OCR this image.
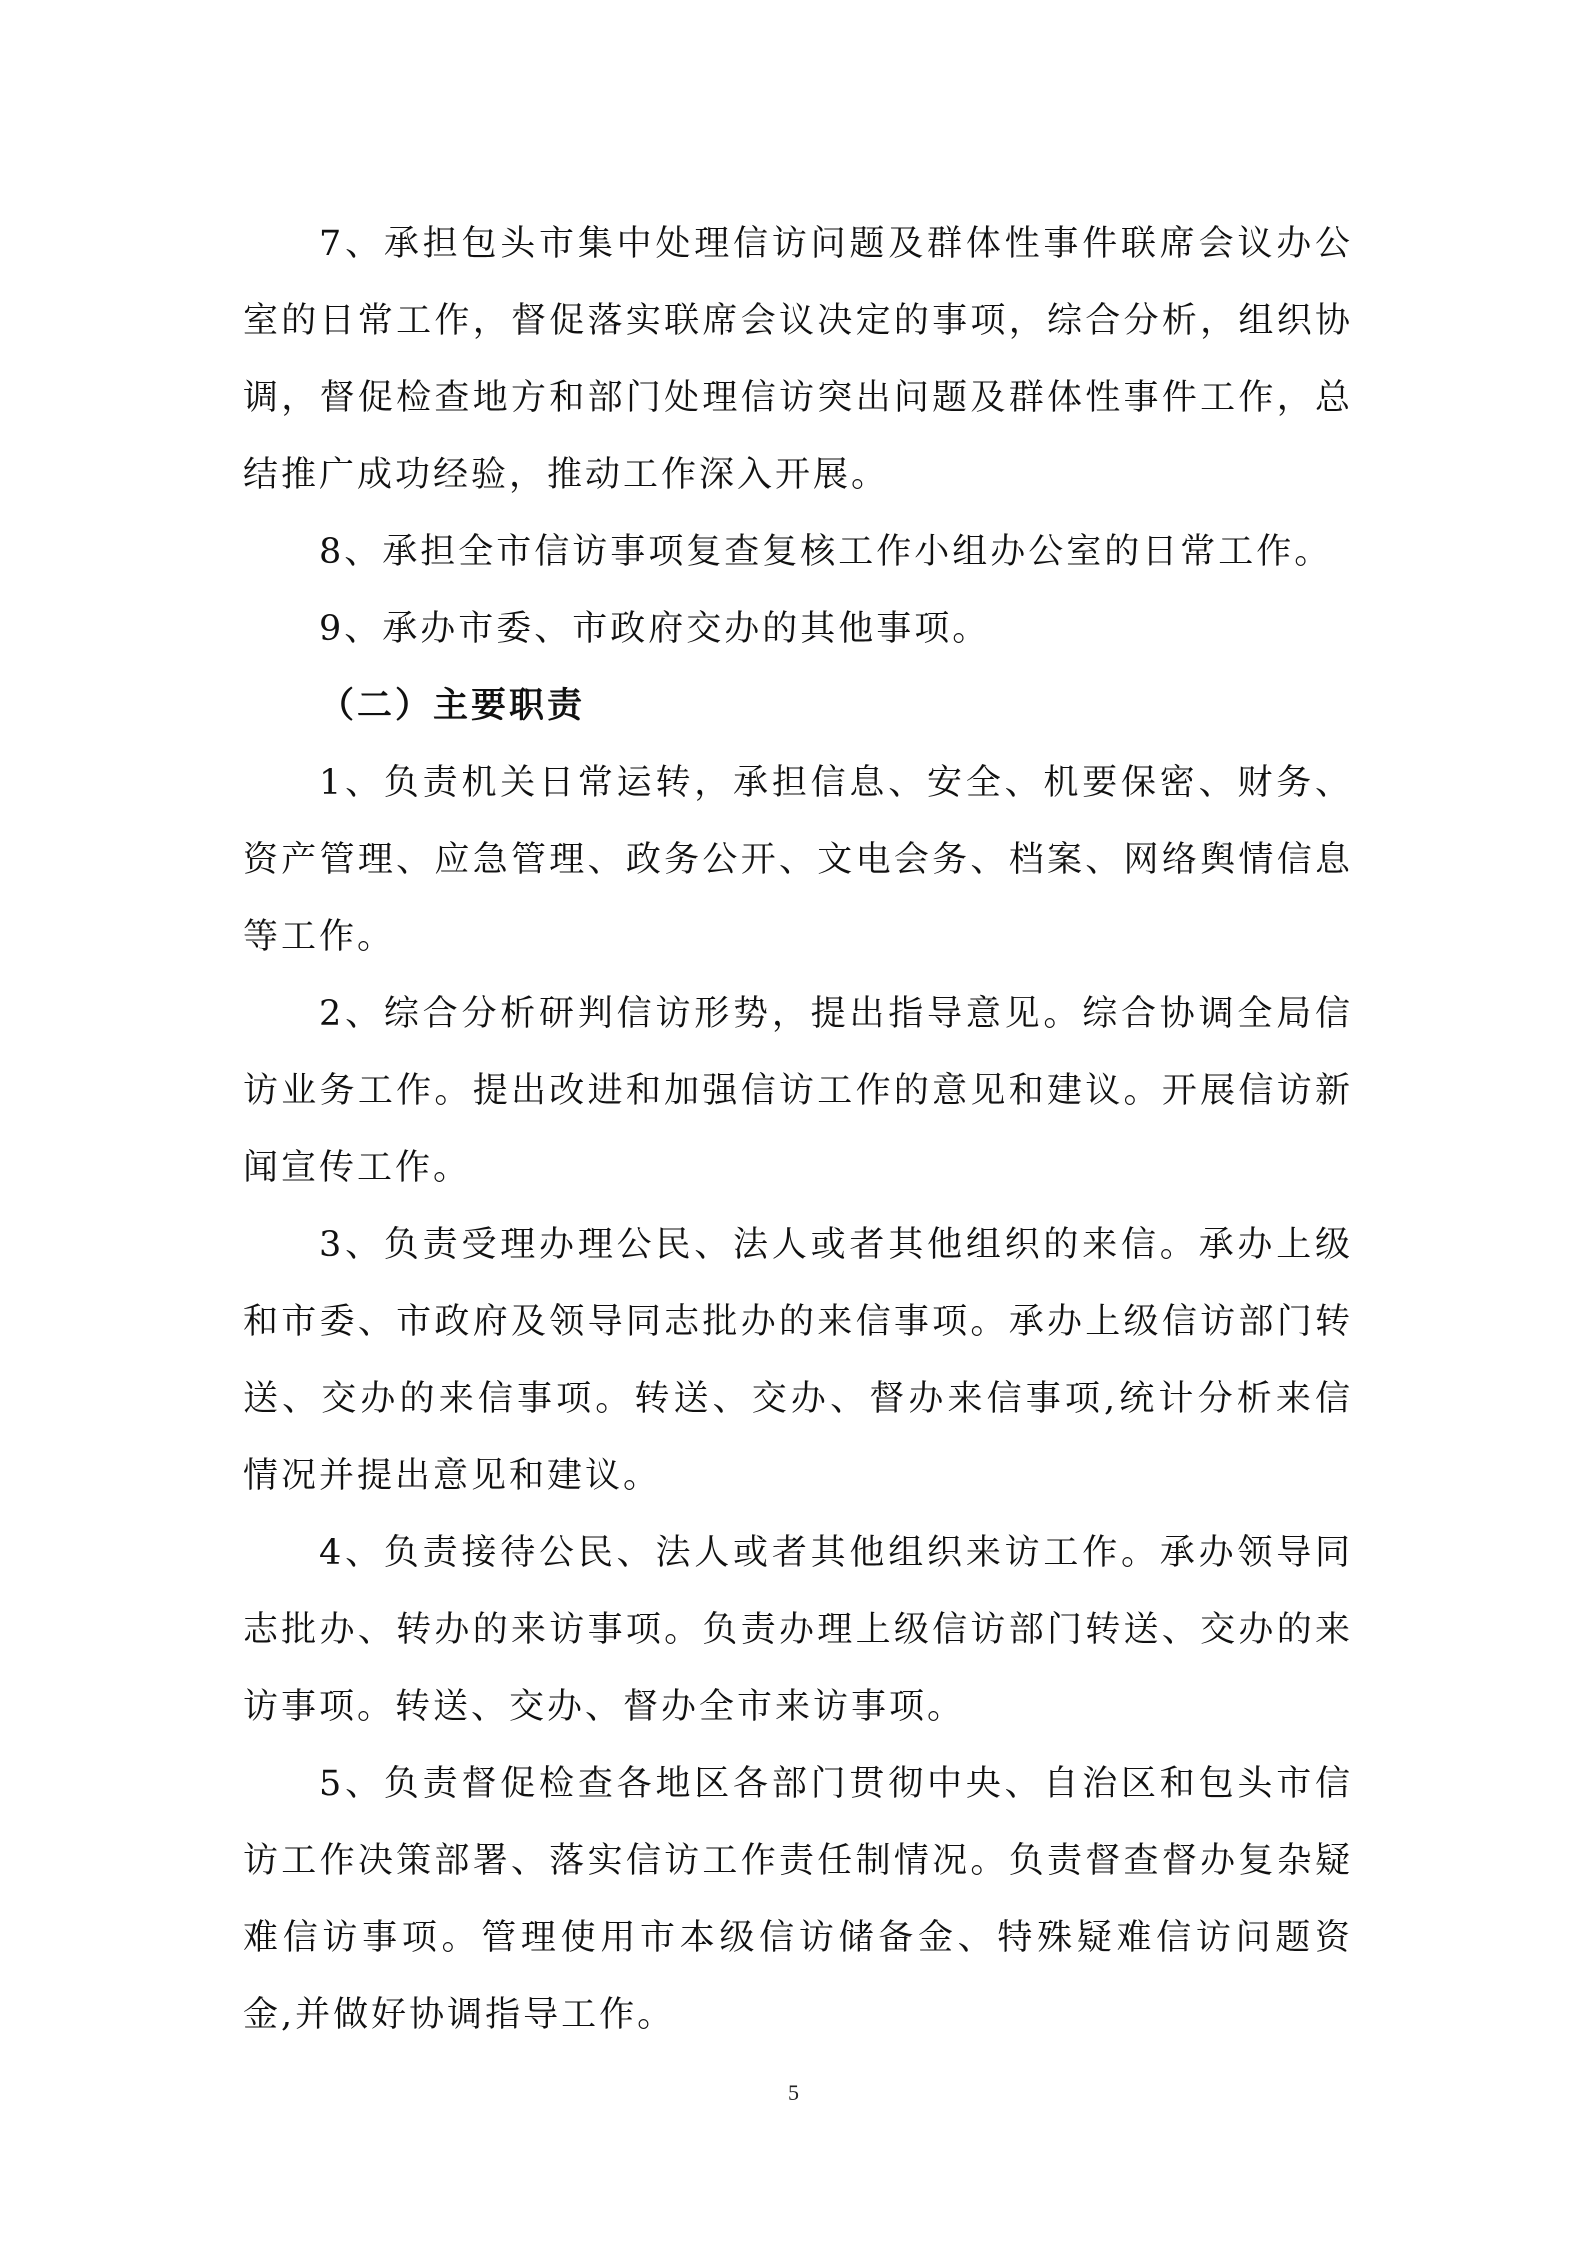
7、承担包头市集中处理信访问题及群体性事件联席会议办公室的日常工作，督促落实联席会议决定的事项，综合分析，组织协调，督促检查地方和部门处理信访突出问题及群体性事件工作，总结推广成功经验，推动工作深入开展。

8、承担全市信访事项复查复核工作小组办公室的日常工作。

9、承办市委、市政府交办的其他事项。

（二）主要职责

1、负责机关日常运转，承担信息、安全、机要保密、财务、资产管理、应急管理、政务公开、文电会务、档案、网络舆情信息等工作。

2、综合分析研判信访形势，提出指导意见。综合协调全局信访业务工作。提出改进和加强信访工作的意见和建议。开展信访新闻宣传工作。

3、负责受理办理公民、法人或者其他组织的来信。承办上级和市委、市政府及领导同志批办的来信事项。承办上级信访部门转送、交办的来信事项。转送、交办、督办来信事项,统计分析来信情况并提出意见和建议。

4、负责接待公民、法人或者其他组织来访工作。承办领导同志批办、转办的来访事项。负责办理上级信访部门转送、交办的来访事项。转送、交办、督办全市来访事项。

5、负责督促检查各地区各部门贯彻中央、自治区和包头市信访工作决策部署、落实信访工作责任制情况。负责督查督办复杂疑难信访事项。管理使用市本级信访储备金、特殊疑难信访问题资金,并做好协调指导工作。

5
